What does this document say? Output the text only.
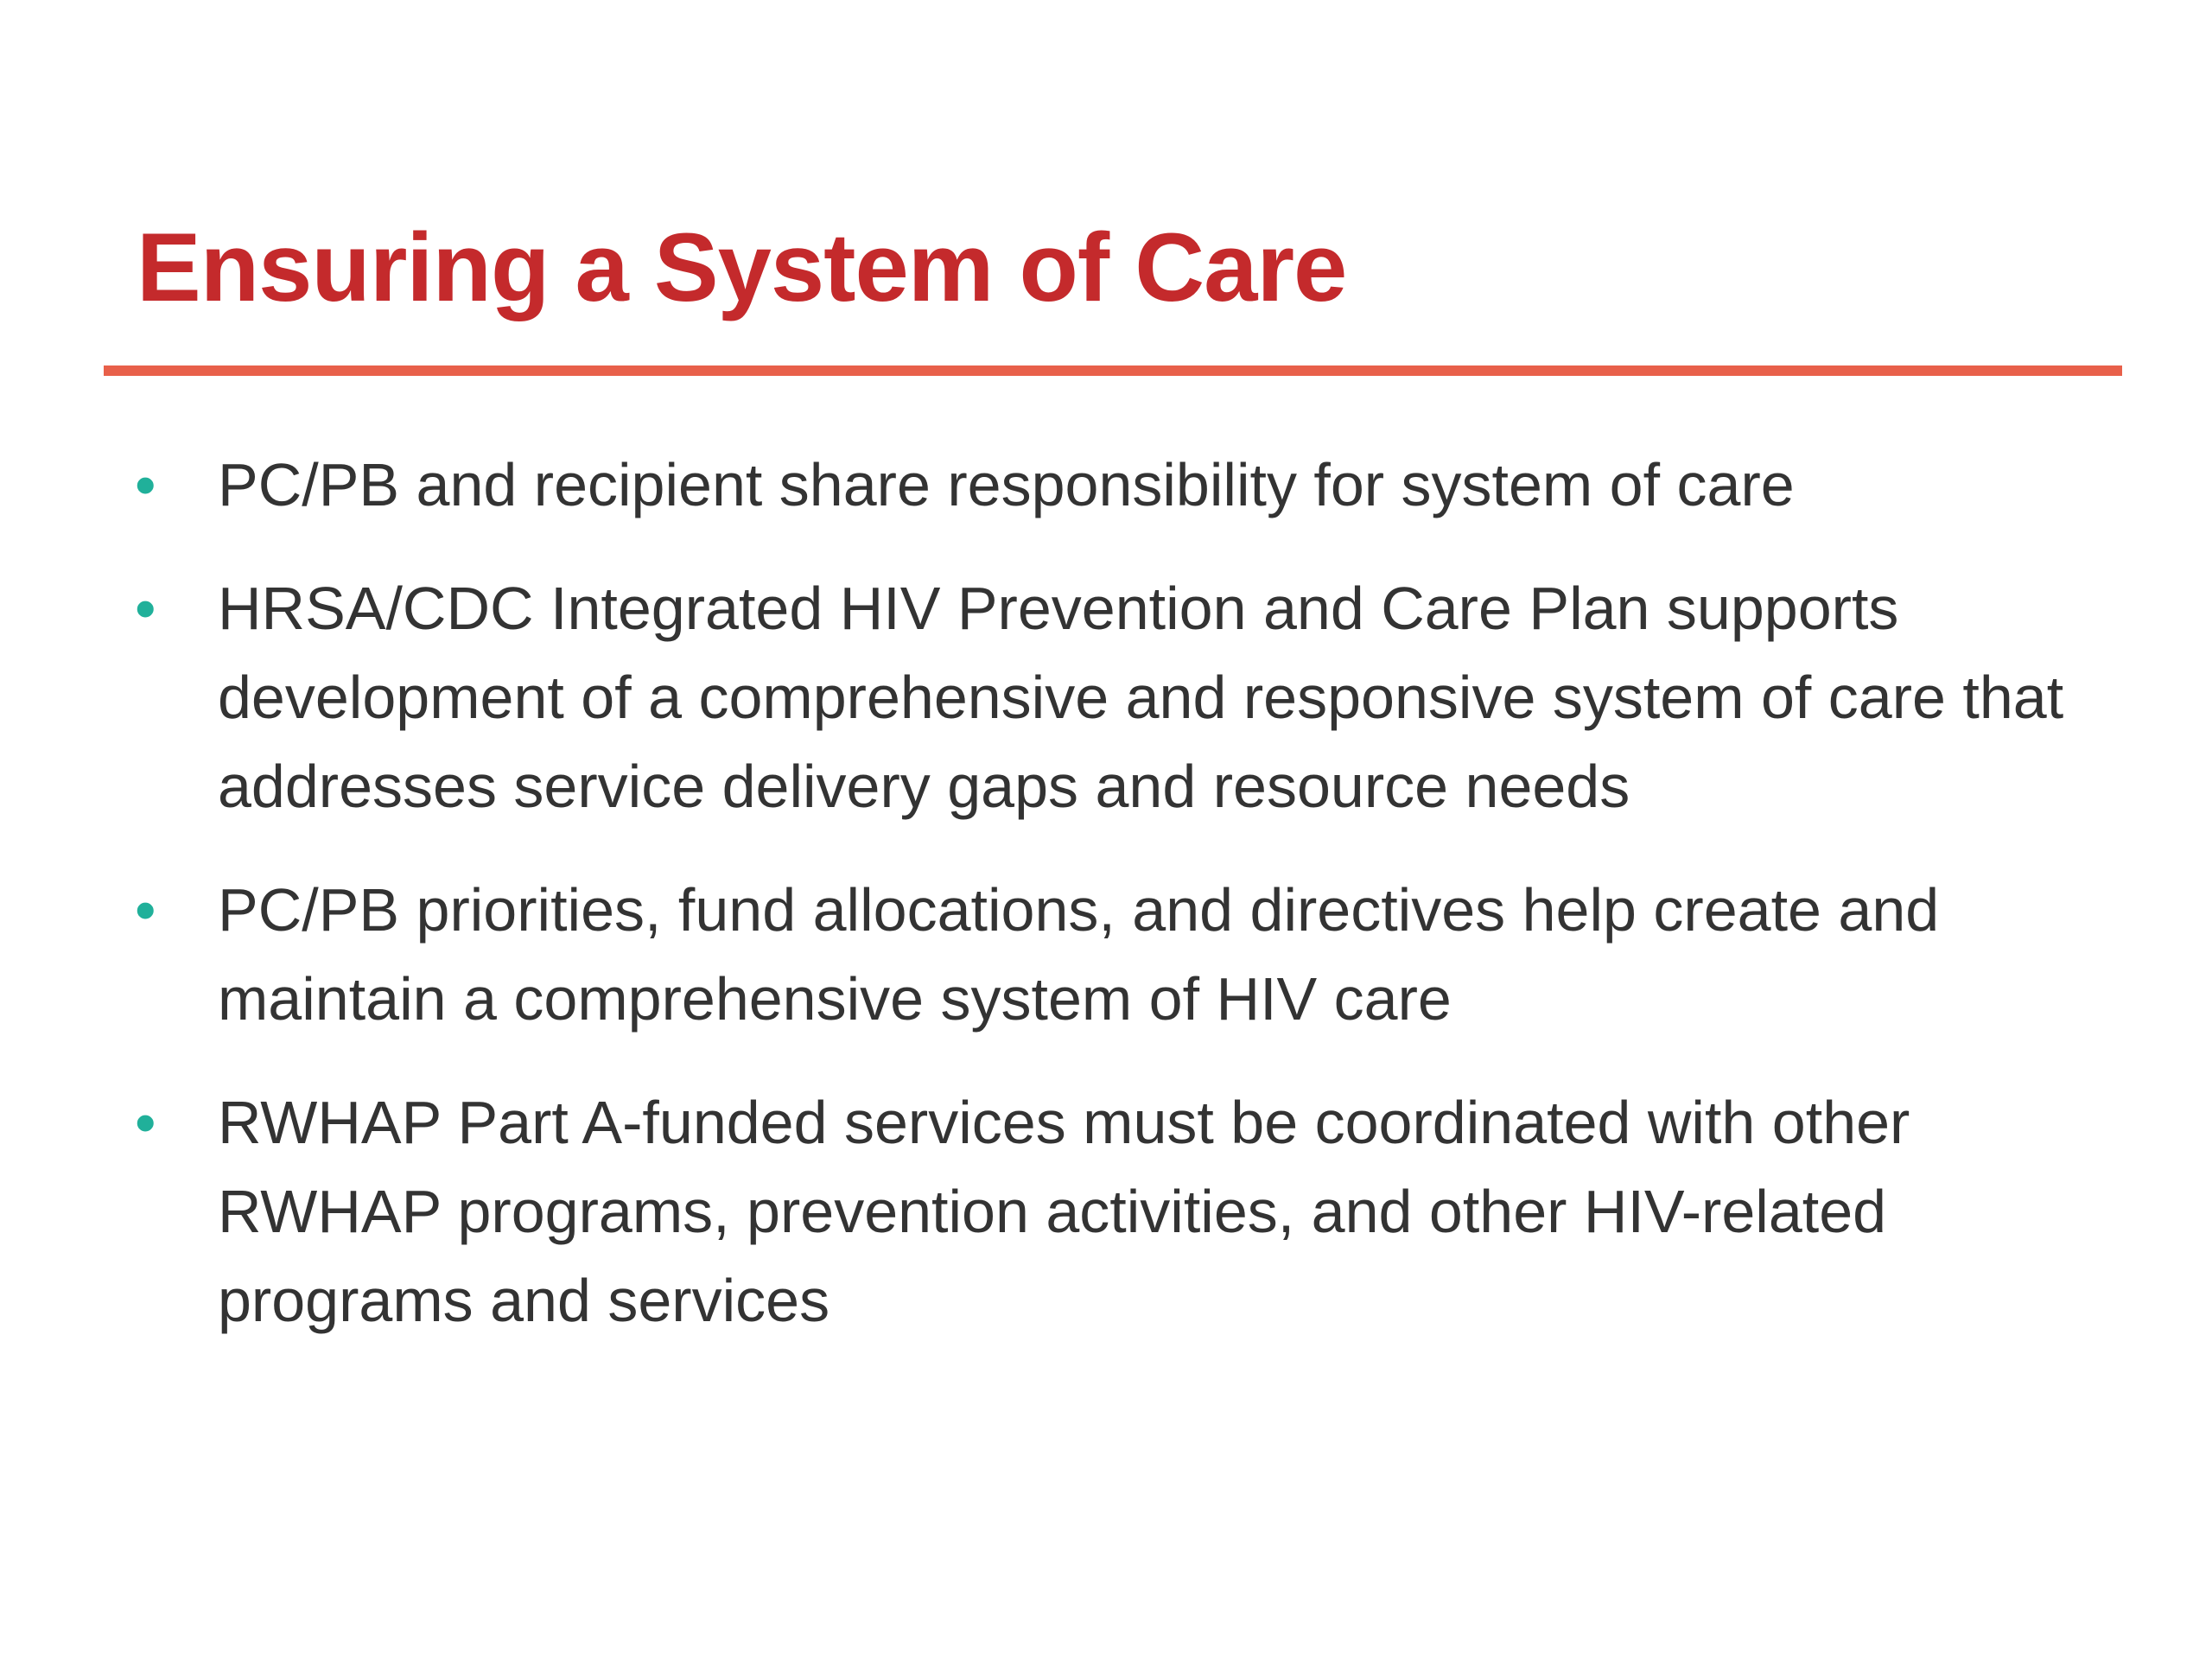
Ensuring a System of Care
• PC/PB and recipient share responsibility for system of care
• HRSA/CDC Integrated HIV Prevention and Care Plan supports development of a comprehensive and responsive system of care that addresses service delivery gaps and resource needs
• PC/PB priorities, fund allocations, and directives help create and maintain a comprehensive system of HIV care
• RWHAP Part A-funded services must be coordinated with other RWHAP programs, prevention activities, and other HIV-related programs and services
